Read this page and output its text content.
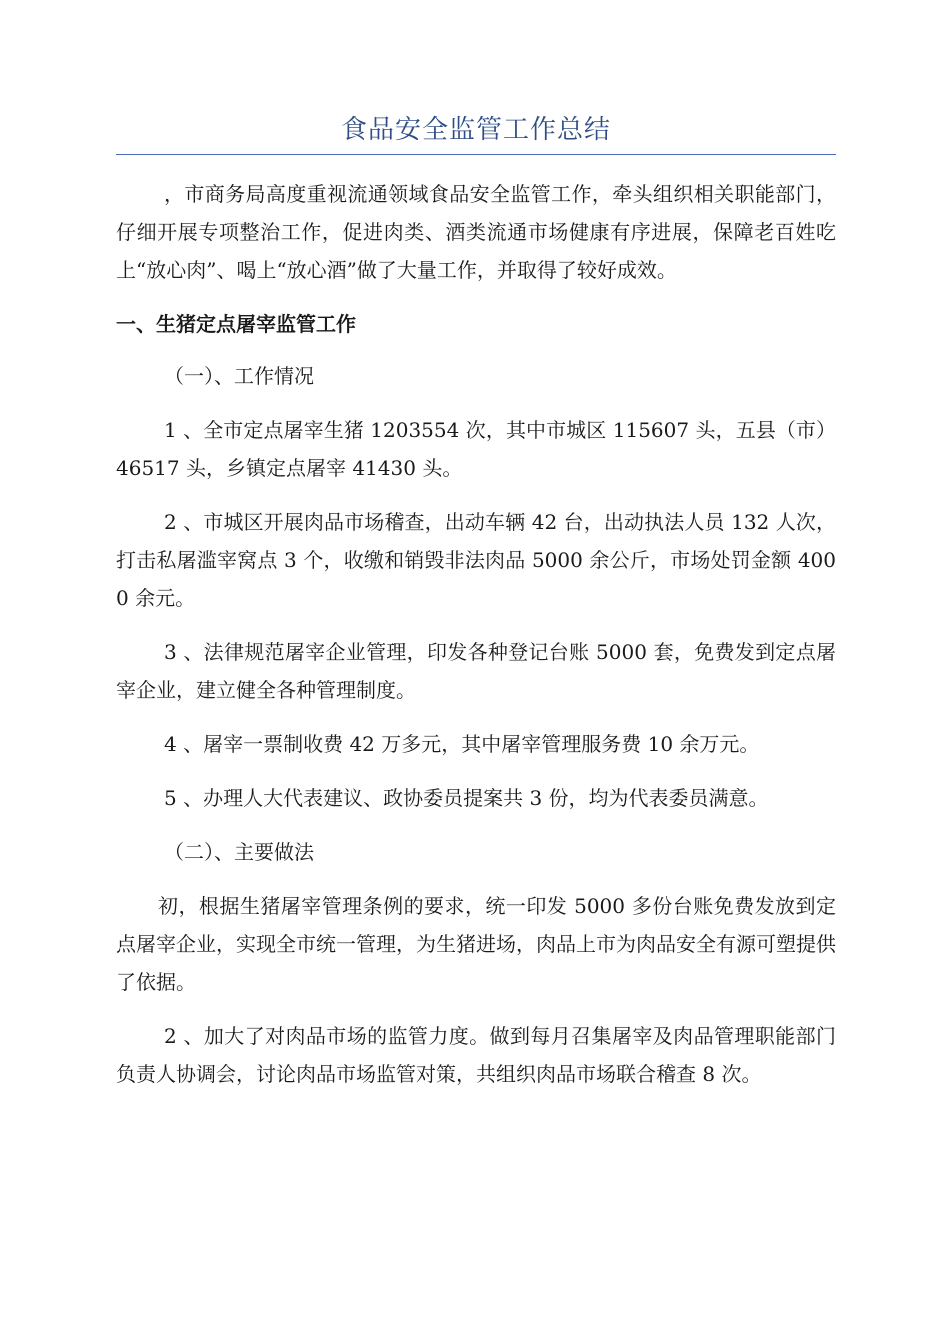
食品安全监管工作总结

，市商务局高度重视流通领域食品安全监管工作，牵头组织相关职能部门，仔细开展专项整治工作，促进肉类、酒类流通市场健康有序进展，保障老百姓吃上“放心肉”、喝上“放心酒”做了大量工作，并取得了较好成效。

一、生猪定点屠宰监管工作

（一）、工作情况

1 、全市定点屠宰生猪 1203554 次，其中市城区 115607 头，五县（市）46517 头，乡镇定点屠宰 41430 头。

2 、市城区开展肉品市场稽查，出动车辆 42 台，出动执法人员 132 人次，打击私屠滥宰窝点 3 个，收缴和销毁非法肉品 5000 余公斤，市场处罚金额 4000 余元。

3 、法律规范屠宰企业管理，印发各种登记台账 5000 套，免费发到定点屠宰企业，建立健全各种管理制度。

4 、屠宰一票制收费 42 万多元，其中屠宰管理服务费 10 余万元。

5 、办理人大代表建议、政协委员提案共 3 份，均为代表委员满意。

（二）、主要做法

初，根据生猪屠宰管理条例的要求，统一印发 5000 多份台账免费发放到定点屠宰企业，实现全市统一管理，为生猪进场，肉品上市为肉品安全有源可塑提供了依据。

2 、加大了对肉品市场的监管力度。做到每月召集屠宰及肉品管理职能部门负责人协调会，讨论肉品市场监管对策，共组织肉品市场联合稽查 8 次。
